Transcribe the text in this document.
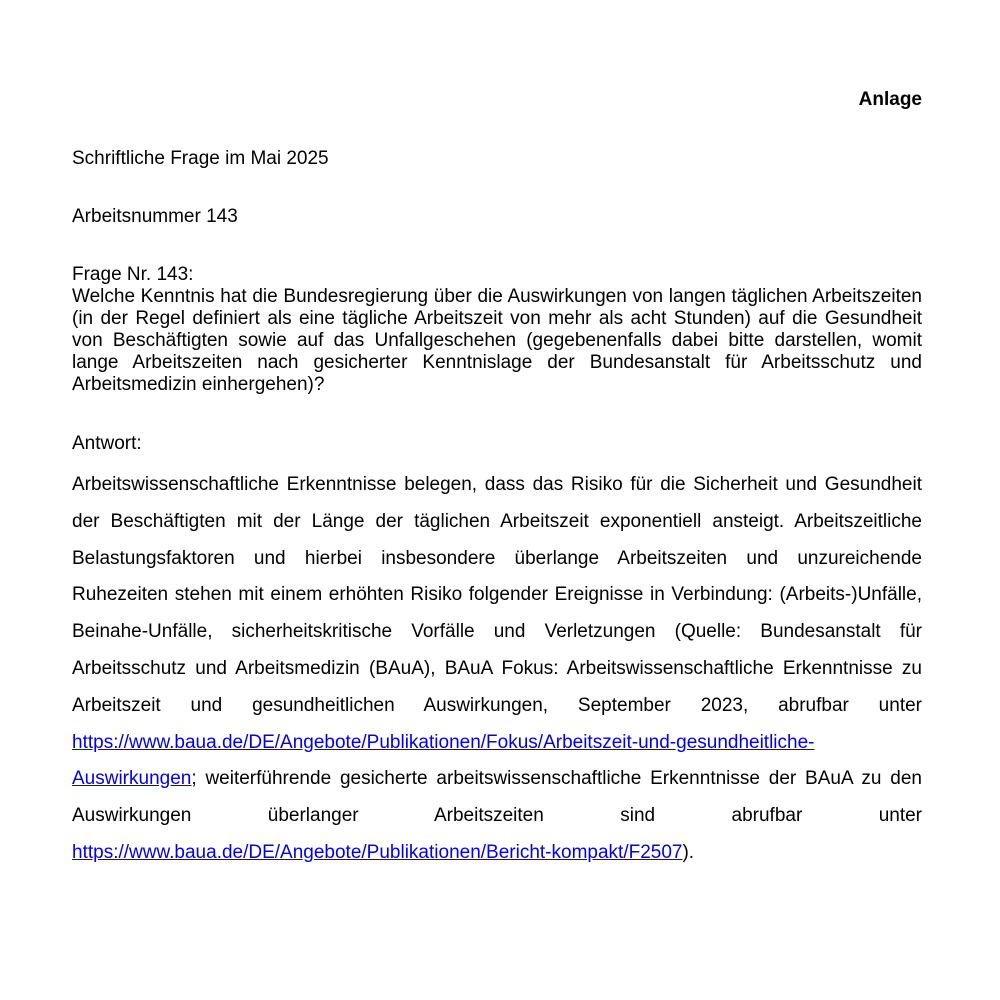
Anlage
Schriftliche Frage im Mai 2025
Arbeitsnummer 143
Frage Nr. 143:
Welche Kenntnis hat die Bundesregierung über die Auswirkungen von langen täglichen Arbeitszeiten (in der Regel definiert als eine tägliche Arbeitszeit von mehr als acht Stunden) auf die Gesundheit von Beschäftigten sowie auf das Unfallgeschehen (gegebenenfalls dabei bitte darstellen, womit lange Arbeitszeiten nach gesicherter Kenntnislage der Bundesanstalt für Arbeitsschutz und Arbeitsmedizin einhergehen)?
Antwort:
Arbeitswissenschaftliche Erkenntnisse belegen, dass das Risiko für die Sicherheit und Gesundheit der Beschäftigten mit der Länge der täglichen Arbeitszeit exponentiell ansteigt. Arbeitszeitliche Belastungsfaktoren und hierbei insbesondere überlange Arbeitszeiten und unzureichende Ruhezeiten stehen mit einem erhöhten Risiko folgender Ereignisse in Verbindung: (Arbeits-)Unfälle, Beinahe-Unfälle, sicherheitskritische Vorfälle und Verletzungen (Quelle: Bundesanstalt für Arbeitsschutz und Arbeitsmedizin (BAuA), BAuA Fokus: Arbeitswissenschaftliche Erkenntnisse zu Arbeitszeit und gesundheitlichen Auswirkungen, September 2023, abrufbar unter https://www.baua.de/DE/Angebote/Publikationen/Fokus/Arbeitszeit-und-gesundheitliche-Auswirkungen; weiterführende gesicherte arbeitswissenschaftliche Erkenntnisse der BAuA zu den Auswirkungen überlanger Arbeitszeiten sind abrufbar unter https://www.baua.de/DE/Angebote/Publikationen/Bericht-kompakt/F2507).
